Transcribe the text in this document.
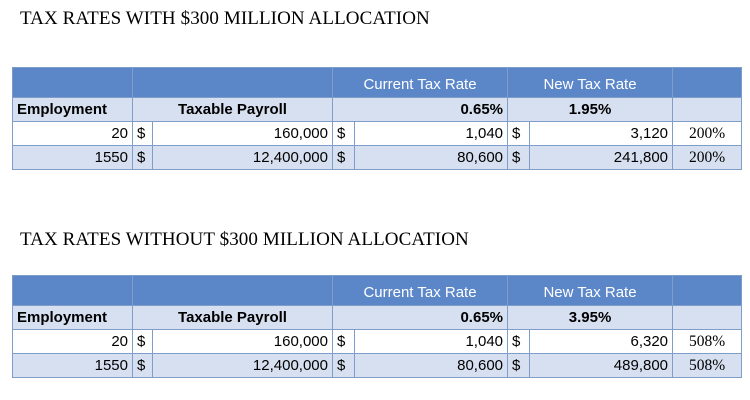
TAX RATES WITH $300 MILLION ALLOCATION
			Current Tax Rate		New Tax Rate		
Employment	Taxable Payroll		0.65%		1.95%		
20	$	160,000	$	1,040	$	3,120	200%
1550	$	12,400,000	$	80,600	$	241,800	200%
TAX RATES WITHOUT $300 MILLION ALLOCATION
			Current Tax Rate		New Tax Rate		
Employment	Taxable Payroll		0.65%		3.95%		
20	$	160,000	$	1,040	$	6,320	508%
1550	$	12,400,000	$	80,600	$	489,800	508%
